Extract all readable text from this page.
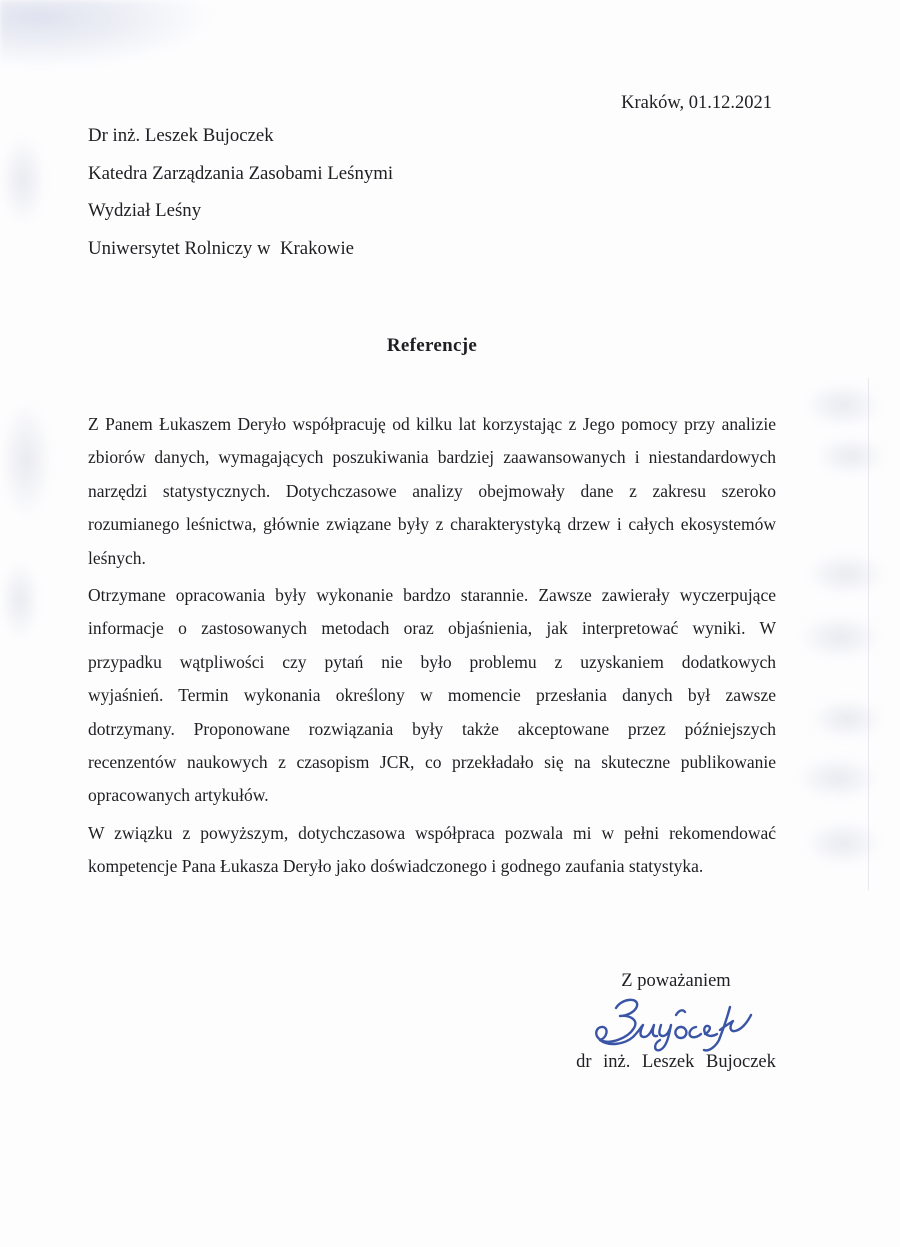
Kraków, 01.12.2021
Dr inż. Leszek Bujoczek
Katedra Zarządzania Zasobami Leśnymi
Wydział Leśny
Uniwersytet Rolniczy w  Krakowie
Referencje
Z Panem Łukaszem Deryło współpracuję od kilku lat korzystając z Jego pomocy przy analizie
zbiorów danych, wymagających poszukiwania bardziej zaawansowanych i niestandardowych
narzędzi statystycznych. Dotychczasowe analizy obejmowały dane z zakresu szeroko
rozumianego leśnictwa, głównie związane były z charakterystyką drzew i całych ekosystemów
leśnych.
Otrzymane opracowania były wykonanie bardzo starannie. Zawsze zawierały wyczerpujące
informacje o zastosowanych metodach oraz objaśnienia, jak interpretować wyniki. W
przypadku wątpliwości czy pytań nie było problemu z uzyskaniem dodatkowych
wyjaśnień. Termin wykonania określony w momencie przesłania danych był zawsze
dotrzymany. Proponowane rozwiązania były także akceptowane przez późniejszych
recenzentów naukowych z czasopism JCR, co przekładało się na skuteczne publikowanie
opracowanych artykułów.
W związku z powyższym, dotychczasowa współpraca pozwala mi w pełni rekomendować
kompetencje Pana Łukasza Deryło jako doświadczonego i godnego zaufania statystyka.
Z poważaniem
dr inż. Leszek Bujoczek
